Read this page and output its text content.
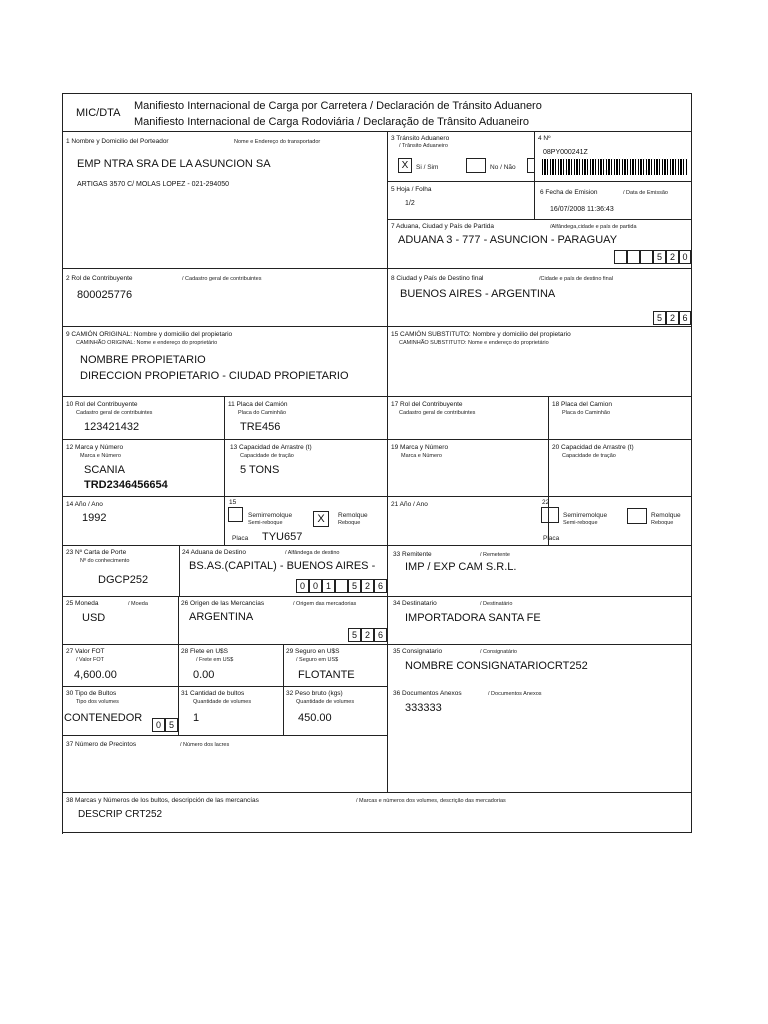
MIC/DTA
Manifiesto Internacional de Carga por Carretera / Declaración de Tránsito Aduanero
Manifiesto Internacional de Carga Rodoviária / Declaração de Trânsito Aduaneiro
1 Nombre y Domicilio del Porteador	Nome e Endereço do transportador
EMP NTRA SRA DE LA ASUNCION SA
ARTIGAS 3570 C/ MOLAS LOPEZ - 021-294050
3 Tránsito Aduanero
/ Trânsito Aduaneiro
X	Si / Sim	No / Não
4 Nº
08PY000241Z
5 Hoja / Folha
1/2
6 Fecha de Emision	/ Data de Emissão
16/07/2008 11:36:43
7 Aduana, Ciudad y País de Partida	/Alfândega,cidade e país de partida
ADUANA 3 - 777 - ASUNCION - PARAGUAY
5 2 0
2 Rol de Contribuyente	/ Cadastro geral de contribuintes
800025776
8 Ciudad y País de Destino final	/Cidade e país de destino final
BUENOS AIRES - ARGENTINA
5 2 6
9 CAMIÓN ORIGINAL: Nombre y domicilio del propietario
CAMINHÃO ORIGINAL: Nome e endereço do proprietário
NOMBRE PROPIETARIO
DIRECCION PROPIETARIO - CIUDAD PROPIETARIO
15 CAMIÓN SUBSTITUTO: Nombre y domicilio del propietario
CAMINHÃO SUBSTITUTO: Nome e endereço do proprietário
10 Rol del Contribuyente
Cadastro geral de contribuintes
123421432
11 Placa del Camión
Placa do Caminhão
TRE456
17 Rol del Contribuyente
Cadastro geral de contribuintes
18 Placa del Camion
Placa do Caminhão
12 Marca y Número
Marca e Número
SCANIA
TRD2346456654
13 Capacidad de Arrastre (t)
Capacidade de tração
5 TONS
19 Marca y Número
Marca e Número
20 Capacidad de Arrastre (t)
Capacidade de tração
14 Año / Ano
1992
15
Semirremolque
Semi-reboque	X	Remolque
Reboque
Placa TYU657
21 Año / Ano	22
Semirremolque
Semi-reboque
Remolque
Reboque
Placa
23 Nº Carta de Porte
Nº do conhecimento
DGCP252
24 Aduana de Destino	/ Alfândega de destino
BS.AS.(CAPITAL) - BUENOS AIRES -
0 0 1	5 2 6
33 Remitente	/ Remetente
IMP / EXP CAM S.R.L.
25 Moneda	/ Moeda
USD
26 Origen de las Mercancías	/ Origem das mercadorias
ARGENTINA
5 2 6
34 Destinatario	/ Destinatário
IMPORTADORA SANTA FE
27 Valor FOT
/ Valor FOT
4,600.00
28 Flete en U$S
/ Frete em US$
0.00
29 Seguro en U$S
/ Seguro em US$
FLOTANTE
35 Consignatario	/ Consignatário
NOMBRE CONSIGNATARIOCRT252
30 Tipo de Bultos
Tipo dos volumes
CONTENEDOR
0 5
31 Cantidad de bultos
Quantidade de volumes
1
32 Peso bruto (kgs)
Quantidade de volumes
450.00
36 Documentos Anexos	/ Documentos Anexos
333333
37 Número de Precintos	/ Número dos lacres
38 Marcas y Números de los bultos, descripción de las mercancías	/ Marcas e números dos volumes, descrição das mercadorias
DESCRIP CRT252
